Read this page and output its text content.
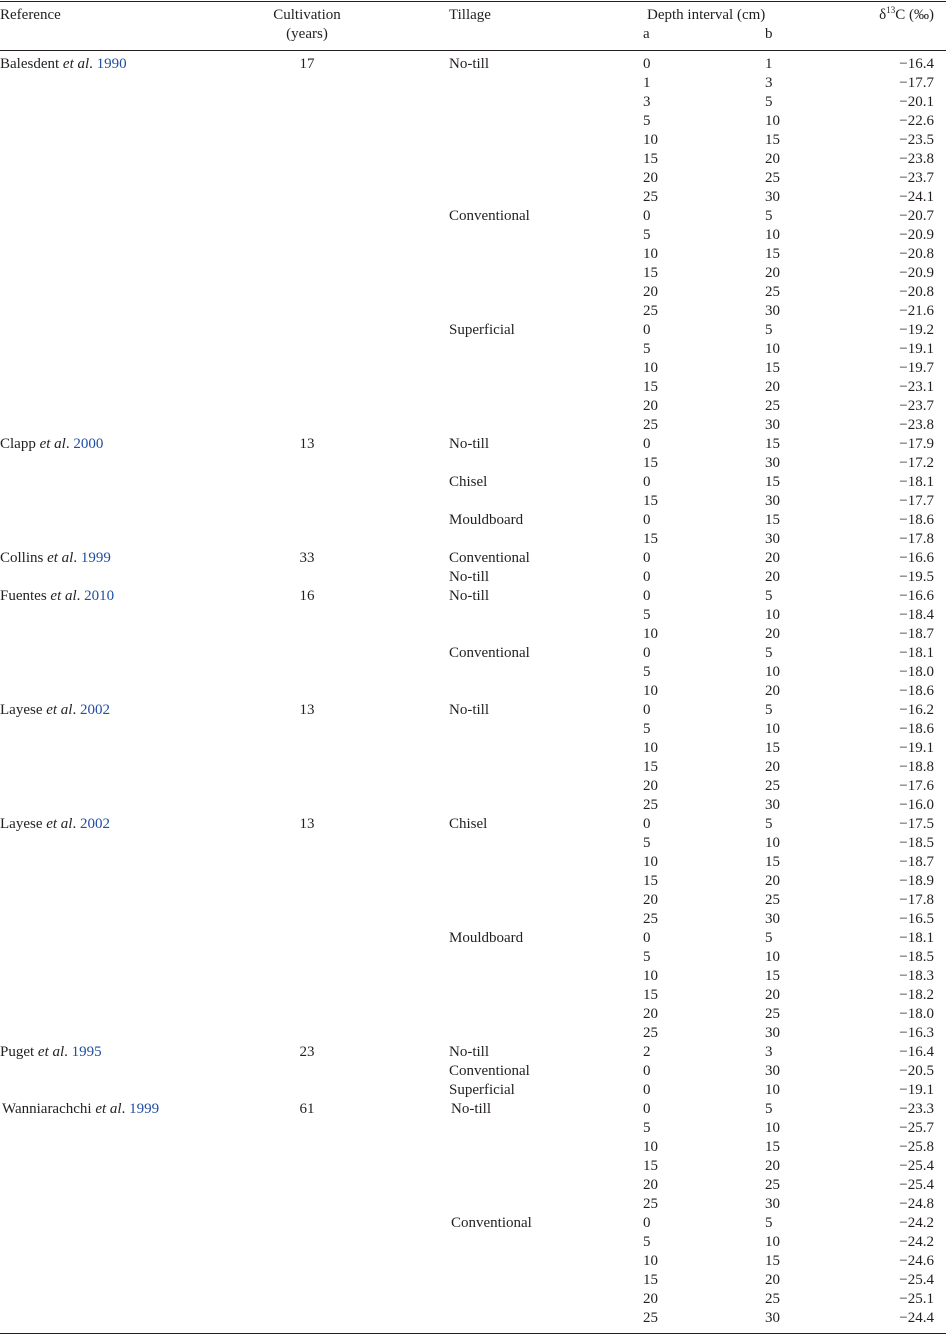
Reference	Cultivation
(years)
Tillage	Depth interval (cm)
a	b
$\delta^{13}C$ (‰)
Balesdent et al. 1990	17	No-till	0	1	−16.4
1	3	−17.7
3	5	−20.1
5	10	−22.6
10	15	−23.5
15	20	−23.8
20	25	−23.7
25	30	−24.1
Conventional	0	5	−20.7
5	10	−20.9
10	15	−20.8
15	20	−20.9
20	25	−20.8
25	30	−21.6
Superficial	0	5	−19.2
5	10	−19.1
10	15	−19.7
15	20	−23.1
20	25	−23.7
25	30	−23.8
Clapp et al. 2000	13	No-till	0	15	−17.9
15	30	−17.2
Chisel	0	15	−18.1
15	30	−17.7
Mouldboard	0	15	−18.6
15	30	−17.8
Collins et al. 1999	33	Conventional	0	20	−16.6
No-till	0	20	−19.5
Fuentes et al. 2010	16	No-till	0	5	−16.6
5	10	−18.4
10	20	−18.7
Conventional	0	5	−18.1
5	10	−18.0
10	20	−18.6
Layese et al. 2002	13	No-till	0	5	−16.2
5	10	−18.6
10	15	−19.1
15	20	−18.8
20	25	−17.6
25	30	−16.0
Layese et al. 2002	13	Chisel	0	5	−17.5
5	10	−18.5
10	15	−18.7
15	20	−18.9
20	25	−17.8
25	30	−16.5
Mouldboard	0	5	−18.1
5	10	−18.5
10	15	−18.3
15	20	−18.2
20	25	−18.0
25	30	−16.3
Puget et al. 1995	23	No-till	2	3	−16.4
Conventional	0	30	−20.5
Superficial	0	10	−19.1
Wanniarachchi et al. 1999	61	No-till	0	5	−23.3
5	10	−25.7
10	15	−25.8
15	20	−25.4
20	25	−25.4
25	30	−24.8
Conventional	0	5	−24.2
5	10	−24.2
10	15	−24.6
15	20	−25.4
20	25	−25.1
25	30	−24.4
